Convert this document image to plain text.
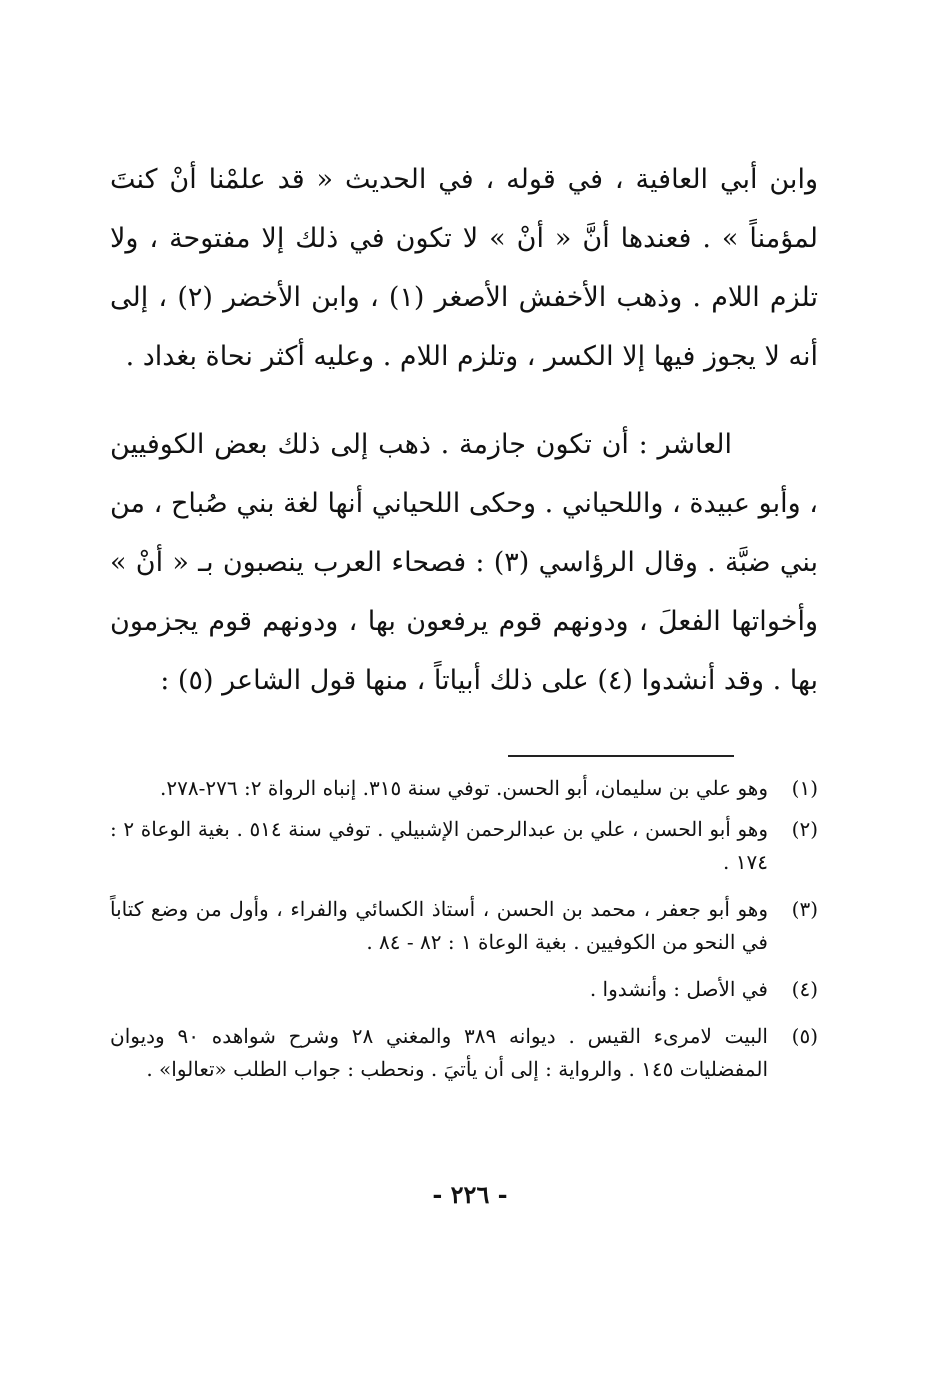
وابن أبي العافية ، في قوله ، في الحديث « قد علمْنا أنْ كنتَ لمؤمناً » . فعندها أنَّ « أنْ » لا تكون في ذلك إلا مفتوحة ، ولا تلزم اللام . وذهب الأخفش الأصغر (١) ، وابن الأخضر (٢) ، إلى أنه لا يجوز فيها إلا الكسر ، وتلزم اللام . وعليه أكثر نحاة بغداد .

العاشر : أن تكون جازمة . ذهب إلى ذلك بعض الكوفيين ، وأبو عبيدة ، واللحياني . وحكى اللحياني أنها لغة بني صُباح ، من بني ضبَّة . وقال الرؤاسي (٣) : فصحاء العرب ينصبون بـ « أنْ » وأخواتها الفعلَ ، ودونهم قوم يرفعون بها ، ودونهم قوم يجزمون بها . وقد أنشدوا (٤) على ذلك أبياتاً ، منها قول الشاعر (٥) :

(١)
وهو علي بن سليمان، أبو الحسن. توفي سنة ٣١٥. إنباه الرواة ٢: ٢٧٦-٢٧٨.
(٢)
وهو أبو الحسن ، علي بن عبدالرحمن الإشبيلي . توفي سنة ٥١٤ . بغية الوعاة ٢ : ١٧٤ .
(٣)
وهو أبو جعفر ، محمد بن الحسن ، أستاذ الكسائي والفراء ، وأول من وضع كتاباً في النحو من الكوفيين . بغية الوعاة ١ : ٨٢ - ٨٤ .
(٤)
في الأصل : وأنشدوا .
(٥)
البيت لامرىء القيس . ديوانه ٣٨٩ والمغني ٢٨ وشرح شواهده ٩٠ وديوان المفضليات ١٤٥ . والرواية : إلى أن يأتيَ . ونحطب : جواب الطلب «تعالوا» .
- ٢٢٦ -
